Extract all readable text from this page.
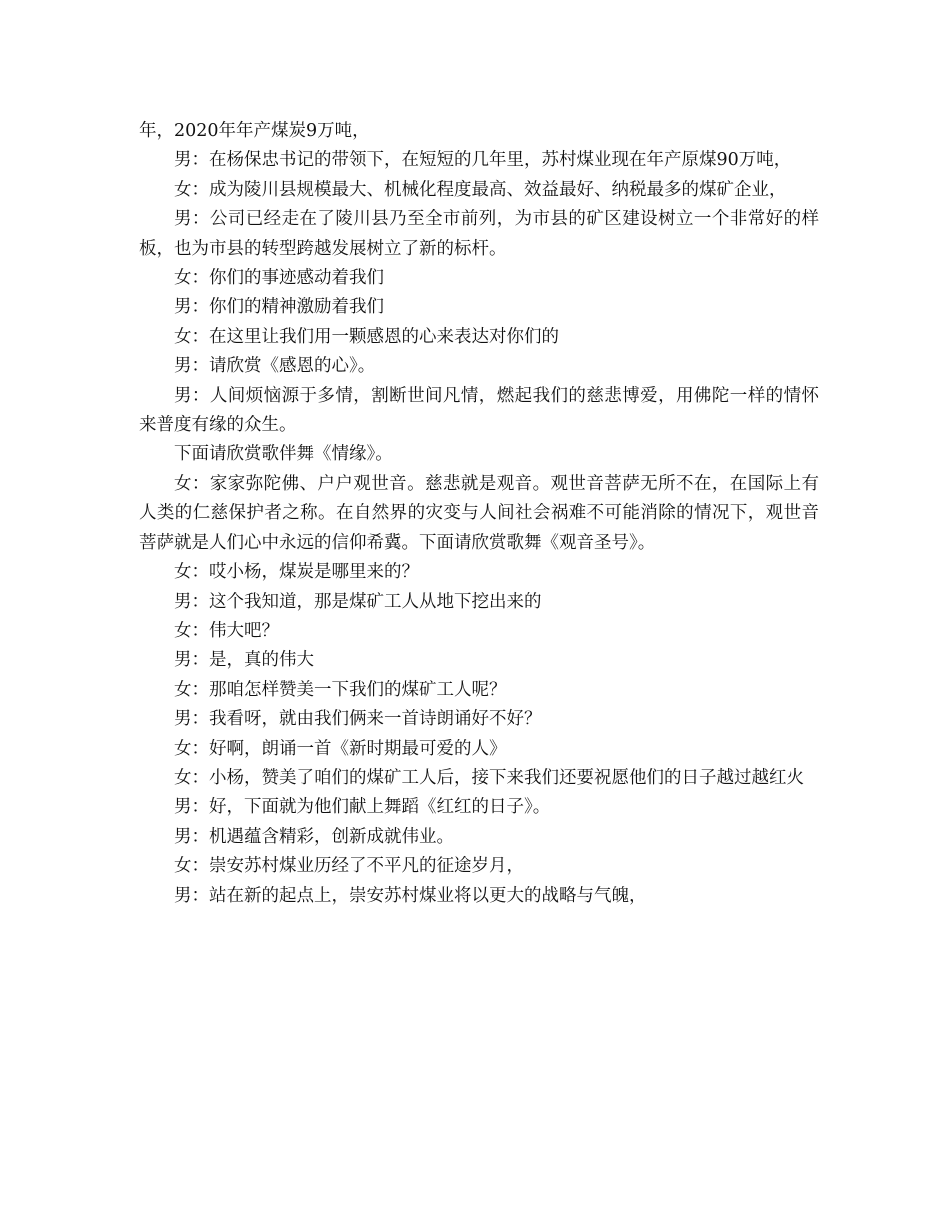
年，2020年年产煤炭9万吨，

男：在杨保忠书记的带领下，在短短的几年里，苏村煤业现在年产原煤90万吨，

女：成为陵川县规模最大、机械化程度最高、效益最好、纳税最多的煤矿企业，

男：公司已经走在了陵川县乃至全市前列，为市县的矿区建设树立一个非常好的样板，也为市县的转型跨越发展树立了新的标杆。

女：你们的事迹感动着我们

男：你们的精神激励着我们

女：在这里让我们用一颗感恩的心来表达对你们的

男：请欣赏《感恩的心》。

男：人间烦恼源于多情，割断世间凡情，燃起我们的慈悲博爱，用佛陀一样的情怀来普度有缘的众生。

下面请欣赏歌伴舞《情缘》。

女：家家弥陀佛、户户观世音。慈悲就是观音。观世音菩萨无所不在，在国际上有人类的仁慈保护者之称。在自然界的灾变与人间社会祸难不可能消除的情况下，观世音菩萨就是人们心中永远的信仰希冀。下面请欣赏歌舞《观音圣号》。

女：哎小杨，煤炭是哪里来的？

男：这个我知道，那是煤矿工人从地下挖出来的

女：伟大吧？

男：是，真的伟大

女：那咱怎样赞美一下我们的煤矿工人呢？

男：我看呀，就由我们俩来一首诗朗诵好不好？

女：好啊，朗诵一首《新时期最可爱的人》

女：小杨，赞美了咱们的煤矿工人后，接下来我们还要祝愿他们的日子越过越红火

男：好，下面就为他们献上舞蹈《红红的日子》。

男：机遇蕴含精彩，创新成就伟业。

女：崇安苏村煤业历经了不平凡的征途岁月，

男：站在新的起点上，崇安苏村煤业将以更大的战略与气魄，
